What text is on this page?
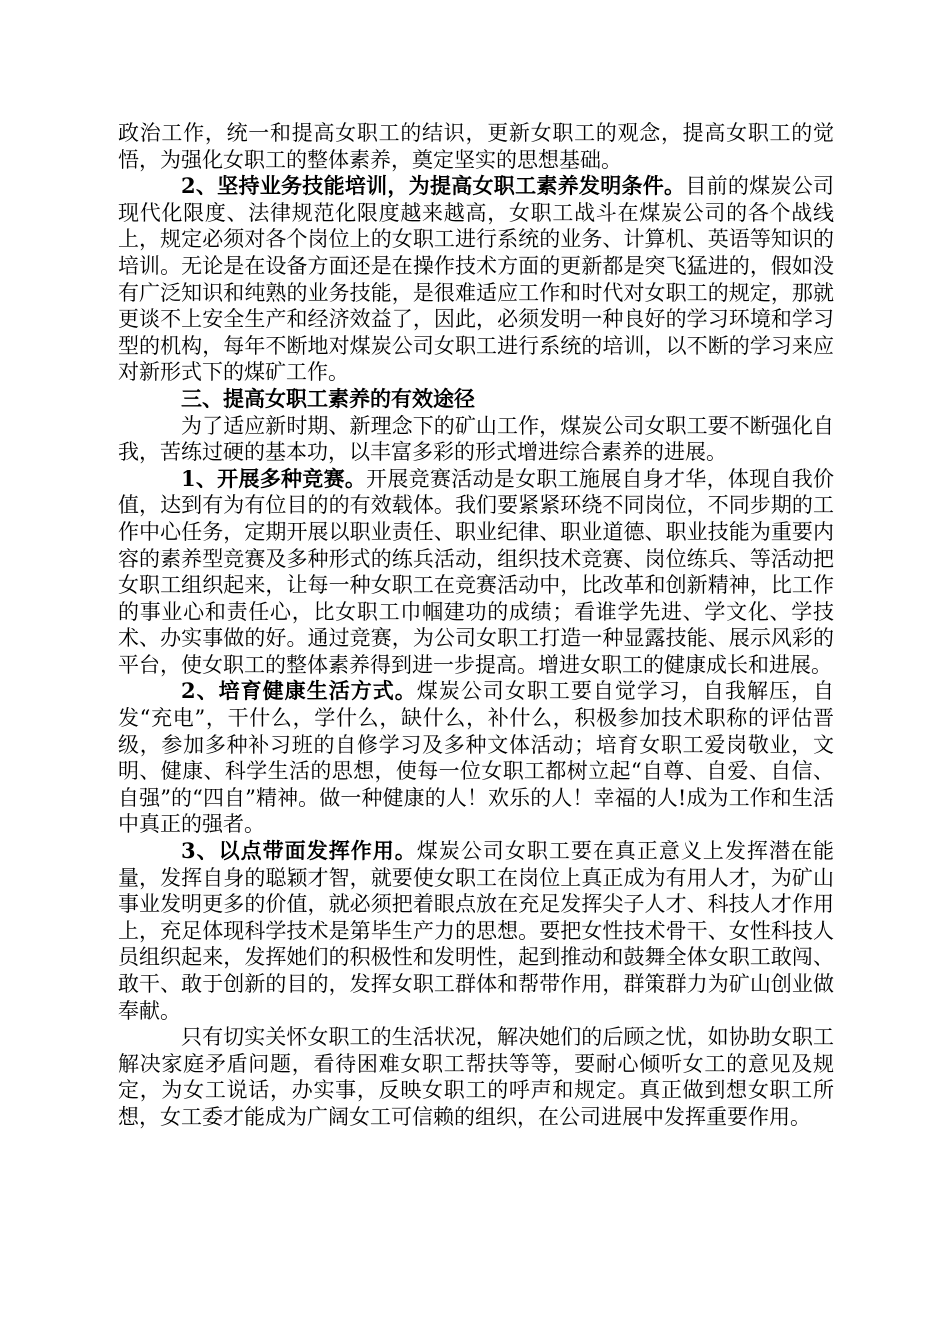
政治工作，统一和提高女职工的结识，更新女职工的观念，提高女职工的觉悟，为强化女职工的整体素养，奠定坚实的思想基础。

2、坚持业务技能培训，为提高女职工素养发明条件。目前的煤炭公司现代化限度、法律规范化限度越来越高，女职工战斗在煤炭公司的各个战线上，规定必须对各个岗位上的女职工进行系统的业务、计算机、英语等知识的培训。无论是在设备方面还是在操作技术方面的更新都是突飞猛进的，假如没有广泛知识和纯熟的业务技能，是很难适应工作和时代对女职工的规定，那就更谈不上安全生产和经济效益了，因此，必须发明一种良好的学习环境和学习型的机构，每年不断地对煤炭公司女职工进行系统的培训，以不断的学习来应对新形式下的煤矿工作。

三、提高女职工素养的有效途径

为了适应新时期、新理念下的矿山工作，煤炭公司女职工要不断强化自我，苦练过硬的基本功，以丰富多彩的形式增进综合素养的进展。

1、开展多种竞赛。开展竞赛活动是女职工施展自身才华，体现自我价值，达到有为有位目的的有效载体。我们要紧紧环绕不同岗位，不同步期的工作中心任务，定期开展以职业责任、职业纪律、职业道德、职业技能为重要内容的素养型竞赛及多种形式的练兵活动，组织技术竞赛、岗位练兵、等活动把女职工组织起来，让每一种女职工在竞赛活动中，比改革和创新精神，比工作的事业心和责任心，比女职工巾帼建功的成绩；看谁学先进、学文化、学技术、办实事做的好。通过竞赛，为公司女职工打造一种显露技能、展示风彩的平台，使女职工的整体素养得到进一步提高。增进女职工的健康成长和进展。

2、培育健康生活方式。煤炭公司女职工要自觉学习，自我解压，自发“充电”，干什么，学什么，缺什么，补什么，积极参加技术职称的评估晋级，参加多种补习班的自修学习及多种文体活动；培育女职工爱岗敬业，文明、健康、科学生活的思想，使每一位女职工都树立起“自尊、自爱、自信、自强”的“四自”精神。做一种健康的人！欢乐的人！幸福的人!成为工作和生活中真正的强者。

3、以点带面发挥作用。煤炭公司女职工要在真正意义上发挥潜在能量，发挥自身的聪颖才智，就要使女职工在岗位上真正成为有用人才，为矿山事业发明更多的价值，就必须把着眼点放在充足发挥尖子人才、科技人才作用上，充足体现科学技术是第毕生产力的思想。要把女性技术骨干、女性科技人员组织起来，发挥她们的积极性和发明性，起到推动和鼓舞全体女职工敢闯、敢干、敢于创新的目的，发挥女职工群体和帮带作用，群策群力为矿山创业做奉献。

只有切实关怀女职工的生活状况，解决她们的后顾之忧，如协助女职工解决家庭矛盾问题，看待困难女职工帮扶等等，要耐心倾听女工的意见及规定，为女工说话，办实事，反映女职工的呼声和规定。真正做到想女职工所想，女工委才能成为广阔女工可信赖的组织，在公司进展中发挥重要作用。
